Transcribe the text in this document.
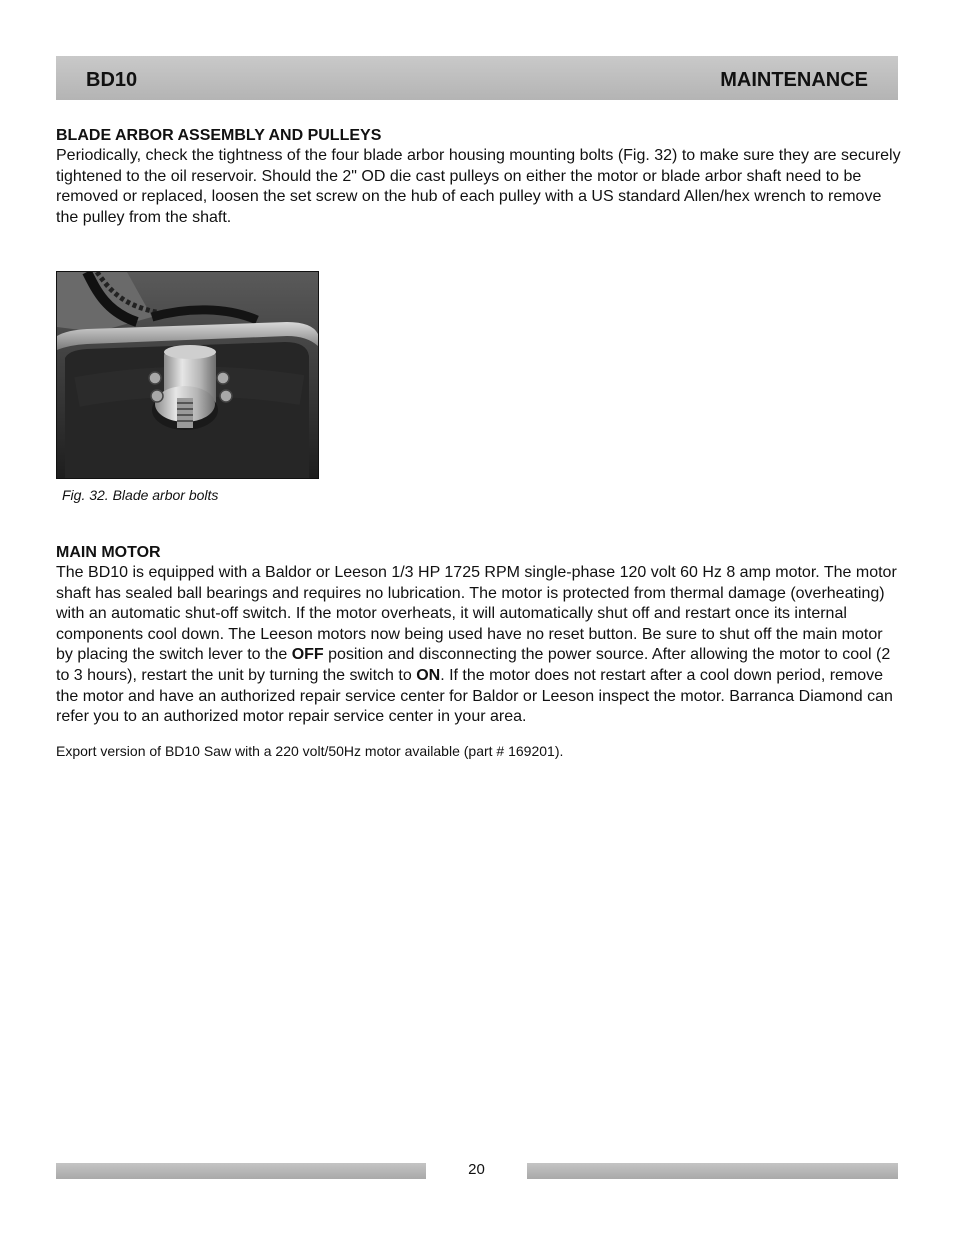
BD10	MAINTENANCE

BLADE ARBOR ASSEMBLY AND PULLEYS

Periodically, check the tightness of the four blade arbor housing mounting bolts (Fig. 32) to make sure they are securely tightened to the oil reservoir. Should the 2" OD die cast pulleys on either the motor or blade arbor shaft need to be removed or replaced, loosen the set screw on the hub of each pulley with a US standard Allen/hex wrench to remove the pulley from the shaft.

Fig. 32. Blade arbor bolts

MAIN MOTOR

The BD10 is equipped with a Baldor or Leeson 1/3 HP 1725 RPM single-phase 120 volt 60 Hz 8 amp motor. The motor shaft has sealed ball bearings and requires no lubrication. The motor is protected from thermal damage (overheating) with an automatic shut-off switch. If the motor overheats, it will automatically shut off and restart once its internal components cool down. The Leeson motors now being used have no reset button. Be sure to shut off the main motor by placing the switch lever to the OFF position and disconnecting the power source. After allowing the motor to cool (2 to 3 hours), restart the unit by turning the switch to ON. If the motor does not restart after a cool down period, remove the motor and have an authorized repair service center for Baldor or Leeson inspect the motor. Barranca Diamond can refer you to an authorized motor repair service center in your area.

Export version of BD10 Saw with a 220 volt/50Hz motor available (part # 169201).

20
